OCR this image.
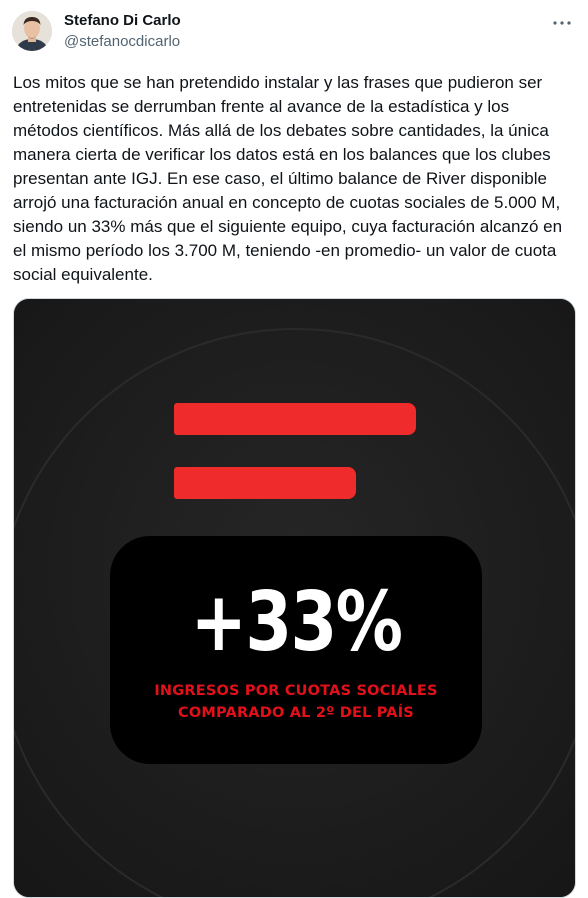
Stefano Di Carlo
@stefanocdicarlo
Los mitos que se han pretendido instalar y las frases que pudieron ser entretenidas se derrumban frente al avance de la estadística y los métodos científicos. Más allá de los debates sobre cantidades, la única manera cierta de verificar los datos está en los balances que los clubes presentan ante IGJ. En ese caso, el último balance de River disponible arrojó una facturación anual en concepto de cuotas sociales de 5.000 M, siendo un 33% más que el siguiente equipo, cuya facturación alcanzó en el mismo período los 3.700 M, teniendo -en promedio- un valor de cuota social equivalente.
+33%
INGRESOS POR CUOTAS SOCIALES
COMPARADO AL 2º DEL PAÍS
